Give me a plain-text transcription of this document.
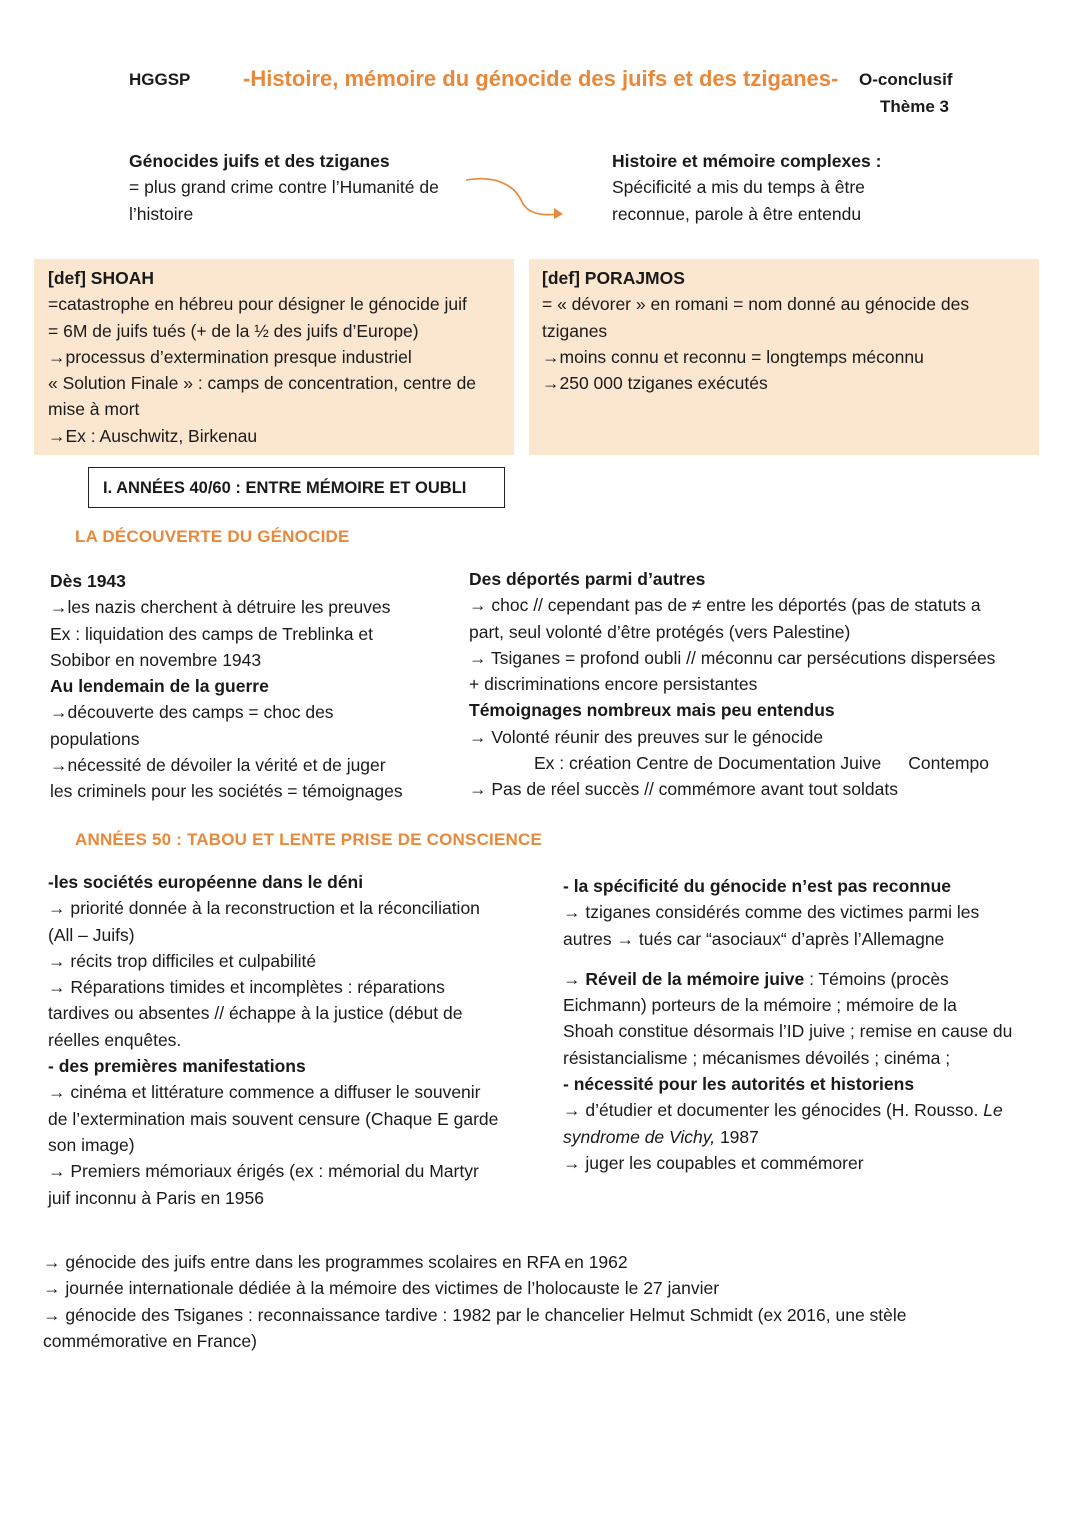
HGGSP -Histoire, mémoire du génocide des juifs et des tziganes- O-conclusif
Thème 3
Génocides juifs et des tziganes
= plus grand crime contre l’Humanité de
l’histoire
Histoire et mémoire complexes :
Spécificité a mis du temps à être
reconnue, parole à être entendu
[def] SHOAH
=catastrophe en hébreu pour désigner le génocide juif
= 6M de juifs tués (+ de la ½ des juifs d’Europe)
→processus d’extermination presque industriel
« Solution Finale » : camps de concentration, centre de
mise à mort
→Ex : Auschwitz, Birkenau
[def] PORAJMOS
= « dévorer » en romani = nom donné au génocide des
tziganes
→moins connu et reconnu = longtemps méconnu
→250 000 tziganes exécutés
I. ANNÉES 40/60 : ENTRE MÉMOIRE ET OUBLI
LA DÉCOUVERTE DU GÉNOCIDE
Dès 1943
→les nazis cherchent à détruire les preuves
Ex : liquidation des camps de Treblinka et
Sobibor en novembre 1943
Au lendemain de la guerre
→découverte des camps = choc des
populations
→nécessité de dévoiler la vérité et de juger
les criminels pour les sociétés = témoignages
Des déportés parmi d’autres
→ choc // cependant pas de ≠ entre les déportés (pas de statuts a
part, seul volonté d’être protégés (vers Palestine)
→ Tsiganes = profond oubli // méconnu car persécutions dispersées
+ discriminations encore persistantes
Témoignages nombreux mais peu entendus
→ Volonté réunir des preuves sur le génocide
Ex : création Centre de Documentation Juive Contempo
→ Pas de réel succès // commémore avant tout soldats
ANNÉES 50 : TABOU ET LENTE PRISE DE CONSCIENCE
-les sociétés européenne dans le déni
→ priorité donnée à la reconstruction et la réconciliation
(All – Juifs)
→ récits trop difficiles et culpabilité
→ Réparations timides et incomplètes : réparations
tardives ou absentes // échappe à la justice (début de
réelles enquêtes.
- des premières manifestations
→ cinéma et littérature commence a diffuser le souvenir
de l’extermination mais souvent censure (Chaque E garde
son image)
→ Premiers mémoriaux érigés (ex : mémorial du Martyr
juif inconnu à Paris en 1956
- la spécificité du génocide n’est pas reconnue
→ tziganes considérés comme des victimes parmi les
autres → tués car “asociaux“ d’après l’Allemagne
→ Réveil de la mémoire juive : Témoins (procès
Eichmann) porteurs de la mémoire ; mémoire de la
Shoah constitue désormais l’ID juive ; remise en cause du
résistancialisme ; mécanismes dévoilés ; cinéma ;
- nécessité pour les autorités et historiens
→ d’étudier et documenter les génocides (H. Rousso. Le
syndrome de Vichy, 1987
→ juger les coupables et commémorer
→ génocide des juifs entre dans les programmes scolaires en RFA en 1962
→ journée internationale dédiée à la mémoire des victimes de l’holocauste le 27 janvier
→ génocide des Tsiganes : reconnaissance tardive : 1982 par le chancelier Helmut Schmidt (ex 2016, une stèle
commémorative en France)
